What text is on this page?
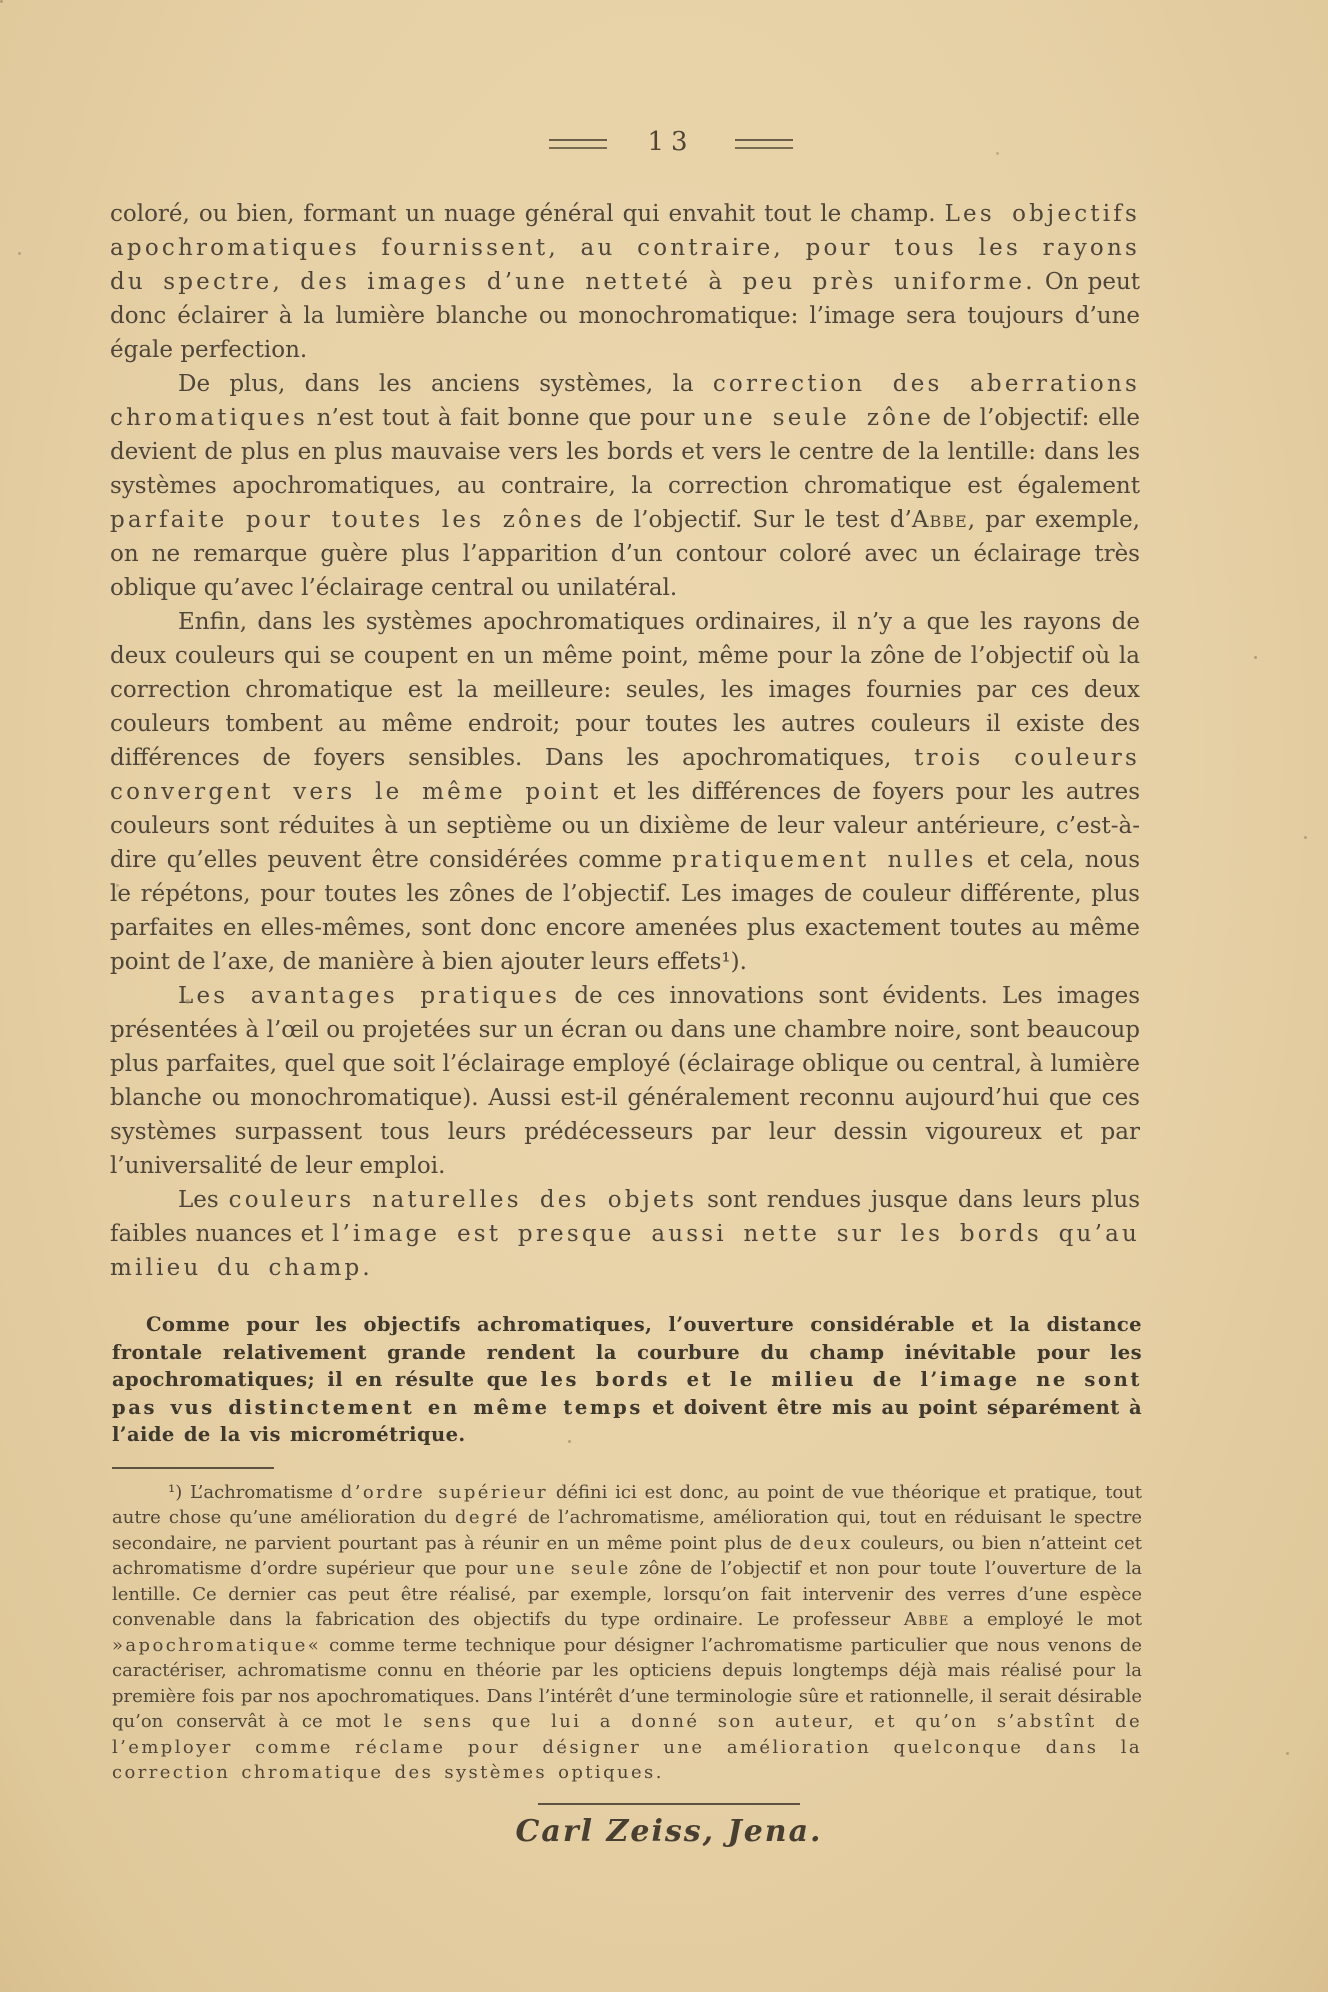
13

coloré, ou bien, formant un nuage général qui envahit tout le champ. Les objectifs apochromatiques fournissent, au contraire, pour tous les rayons du spectre, des images d’une netteté à peu près uniforme. On peut donc éclairer à la lumière blanche ou monochromatique: l’image sera toujours d’une égale perfection.

De plus, dans les anciens systèmes, la correction des aberrations chromatiques n’est tout à fait bonne que pour une seule zône de l’objectif: elle devient de plus en plus mauvaise vers les bords et vers le centre de la lentille: dans les systèmes apochromatiques, au contraire, la correction chromatique est également parfaite pour toutes les zônes de l’objectif. Sur le test d’Abbe, par exemple, on ne remarque guère plus l’apparition d’un contour coloré avec un éclairage très oblique qu’avec l’éclairage central ou unilatéral.

Enfin, dans les systèmes apochromatiques ordinaires, il n’y a que les rayons de deux couleurs qui se coupent en un même point, même pour la zône de l’objectif où la correction chromatique est la meilleure: seules, les images fournies par ces deux couleurs tombent au même endroit; pour toutes les autres couleurs il existe des différences de foyers sensibles. Dans les apochromatiques, trois couleurs convergent vers le même point et les différences de foyers pour les autres couleurs sont réduites à un septième ou un dixième de leur valeur antérieure, c’est-à-dire qu’elles peuvent être considérées comme pratiquement nulles et cela, nous le répétons, pour toutes les zônes de l’objectif. Les images de couleur différente, plus parfaites en elles-mêmes, sont donc encore amenées plus exactement toutes au même point de l’axe, de manière à bien ajouter leurs effets¹).

Les avantages pratiques de ces innovations sont évidents. Les images présentées à l’œil ou projetées sur un écran ou dans une chambre noire, sont beaucoup plus parfaites, quel que soit l’éclairage employé (éclairage oblique ou central, à lumière blanche ou monochromatique). Aussi est-il généralement reconnu aujourd’hui que ces systèmes surpassent tous leurs prédécesseurs par leur dessin vigoureux et par l’universalité de leur emploi.

Les couleurs naturelles des objets sont rendues jusque dans leurs plus faibles nuances et l’image est presque aussi nette sur les bords qu’au milieu du champ.

Comme pour les objectifs achromatiques, l’ouverture considérable et la distance frontale relativement grande rendent la courbure du champ inévitable pour les apochromatiques; il en résulte que les bords et le milieu de l’image ne sont pas vus distinctement en même temps et doivent être mis au point séparément à l’aide de la vis micrométrique.

¹) L’achromatisme d’ordre supérieur défini ici est donc, au point de vue théorique et pratique, tout autre chose qu’une amélioration du degré de l’achromatisme, amélioration qui, tout en réduisant le spectre secondaire, ne parvient pourtant pas à réunir en un même point plus de deux couleurs, ou bien n’atteint cet achromatisme d’ordre supérieur que pour une seule zône de l’objectif et non pour toute l’ouverture de la lentille. Ce dernier cas peut être réalisé, par exemple, lorsqu’on fait intervenir des verres d’une espèce convenable dans la fabrication des objectifs du type ordinaire. Le professeur Abbe a employé le mot »apochromatique« comme terme technique pour désigner l’achromatisme particulier que nous venons de caractériser, achromatisme connu en théorie par les opticiens depuis longtemps déjà mais réalisé pour la première fois par nos apochromatiques. Dans l’intérêt d’une terminologie sûre et rationnelle, il serait désirable qu’on conservât à ce mot le sens que lui a donné son auteur, et qu’on s’abstînt de l’employer comme réclame pour désigner une amélioration quelconque dans la correction chromatique des systèmes optiques.

Carl Zeiss, Jena.
